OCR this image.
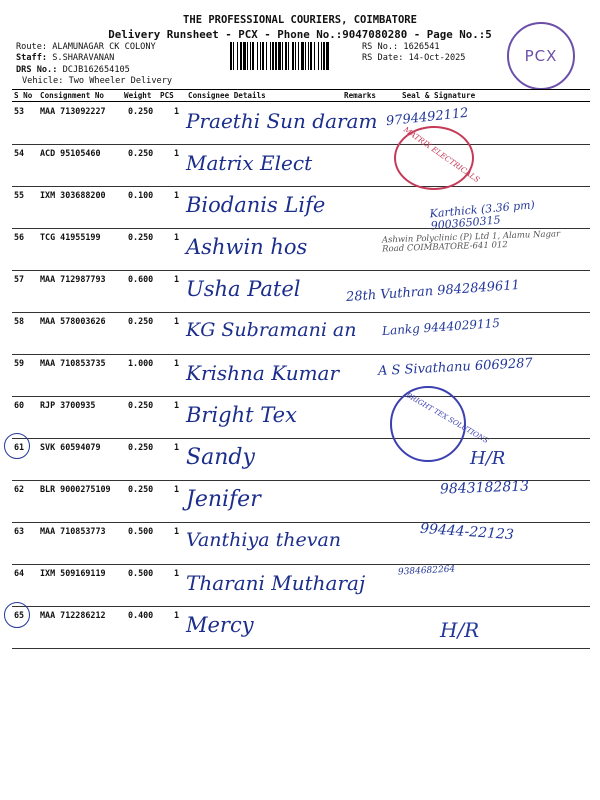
THE PROFESSIONAL COURIERS, COIMBATORE
Delivery Runsheet - PCX - Phone No.:9047080280 - Page No.:5
Route: ALAMUNAGAR CK COLONY
Staff: S.SHARAVANAN
DRS No.: DCJB16265410​5
Vehicle: Two Wheeler Delivery
RS No.: 1626541
RS Date: 14-Oct-2025	PCX
S No Consignment No	Weight PCS Consignee Details	Remarks	Seal & Signature
53 MAA 713092227	0.250 1 Praethi Sun daram 9794492112
54 ACD 95105460	0.250 1 Matrix Elect	MATRIX ELECTRICALS
55 IXM 303688200	0.100 1 Biodanis Life	Karthick (3.36 pm) 9003650315
56 TCG 41955199	0.250 1 Ashwin hos	Ashwin Polyclinic (P) Ltd 1, Alamu Nagar Road COIMBATORE-641 012
57 MAA 712987793	0.600 1 Usha Patel	28th Vuthran 9842849611
58 MAA 578003626	0.250 1 KG Subramani an Lankg 9444029115
59 MAA 710853735	1.000 1 Krishna Kumar	A S Sivathanu 6069287
60 RJP 3700935	0.250 1 Bright Tex	BRIGHT TEX SOLUTIONS
61 SVK 60594079	0.250 1 Sandy	H/R
62 BLR 9000275109 0.250 1 Jenifer	9843182813
63 MAA 710853773	0.500 1 Vanthiya thevan	99444-22123
64 IXM 509169119	0.500 1 Tharani Mutharaj	9384682264
65 MAA 712286212	0.400 1 Mercy	H/R
